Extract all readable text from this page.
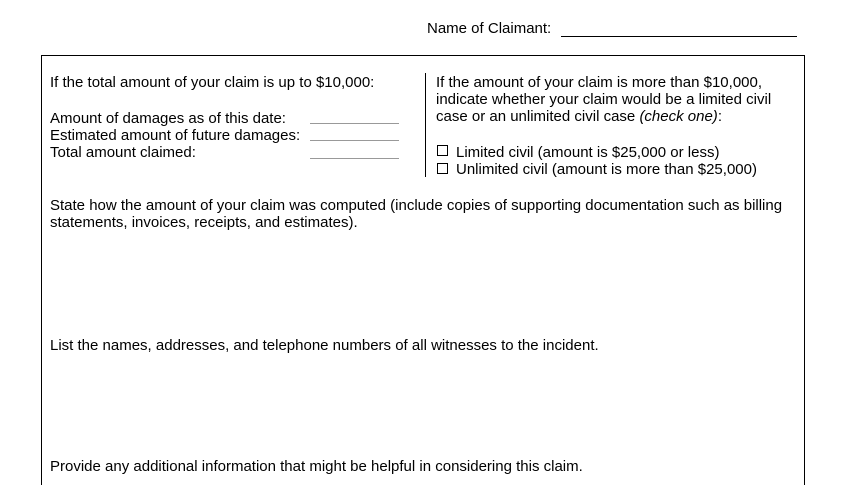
Name of Claimant:
If the total amount of your claim is up to $10,000:
Amount of damages as of this date:
Estimated amount of future damages:
Total amount claimed:
If the amount of your claim is more than $10,000,
indicate whether your claim would be a limited civil
case or an unlimited civil case (check one):
Limited civil (amount is $25,000 or less)
Unlimited civil (amount is more than $25,000)
State how the amount of your claim was computed (include copies of supporting documentation such as billing
statements, invoices, receipts, and estimates).
List the names, addresses, and telephone numbers of all witnesses to the incident.
Provide any additional information that might be helpful in considering this claim.
